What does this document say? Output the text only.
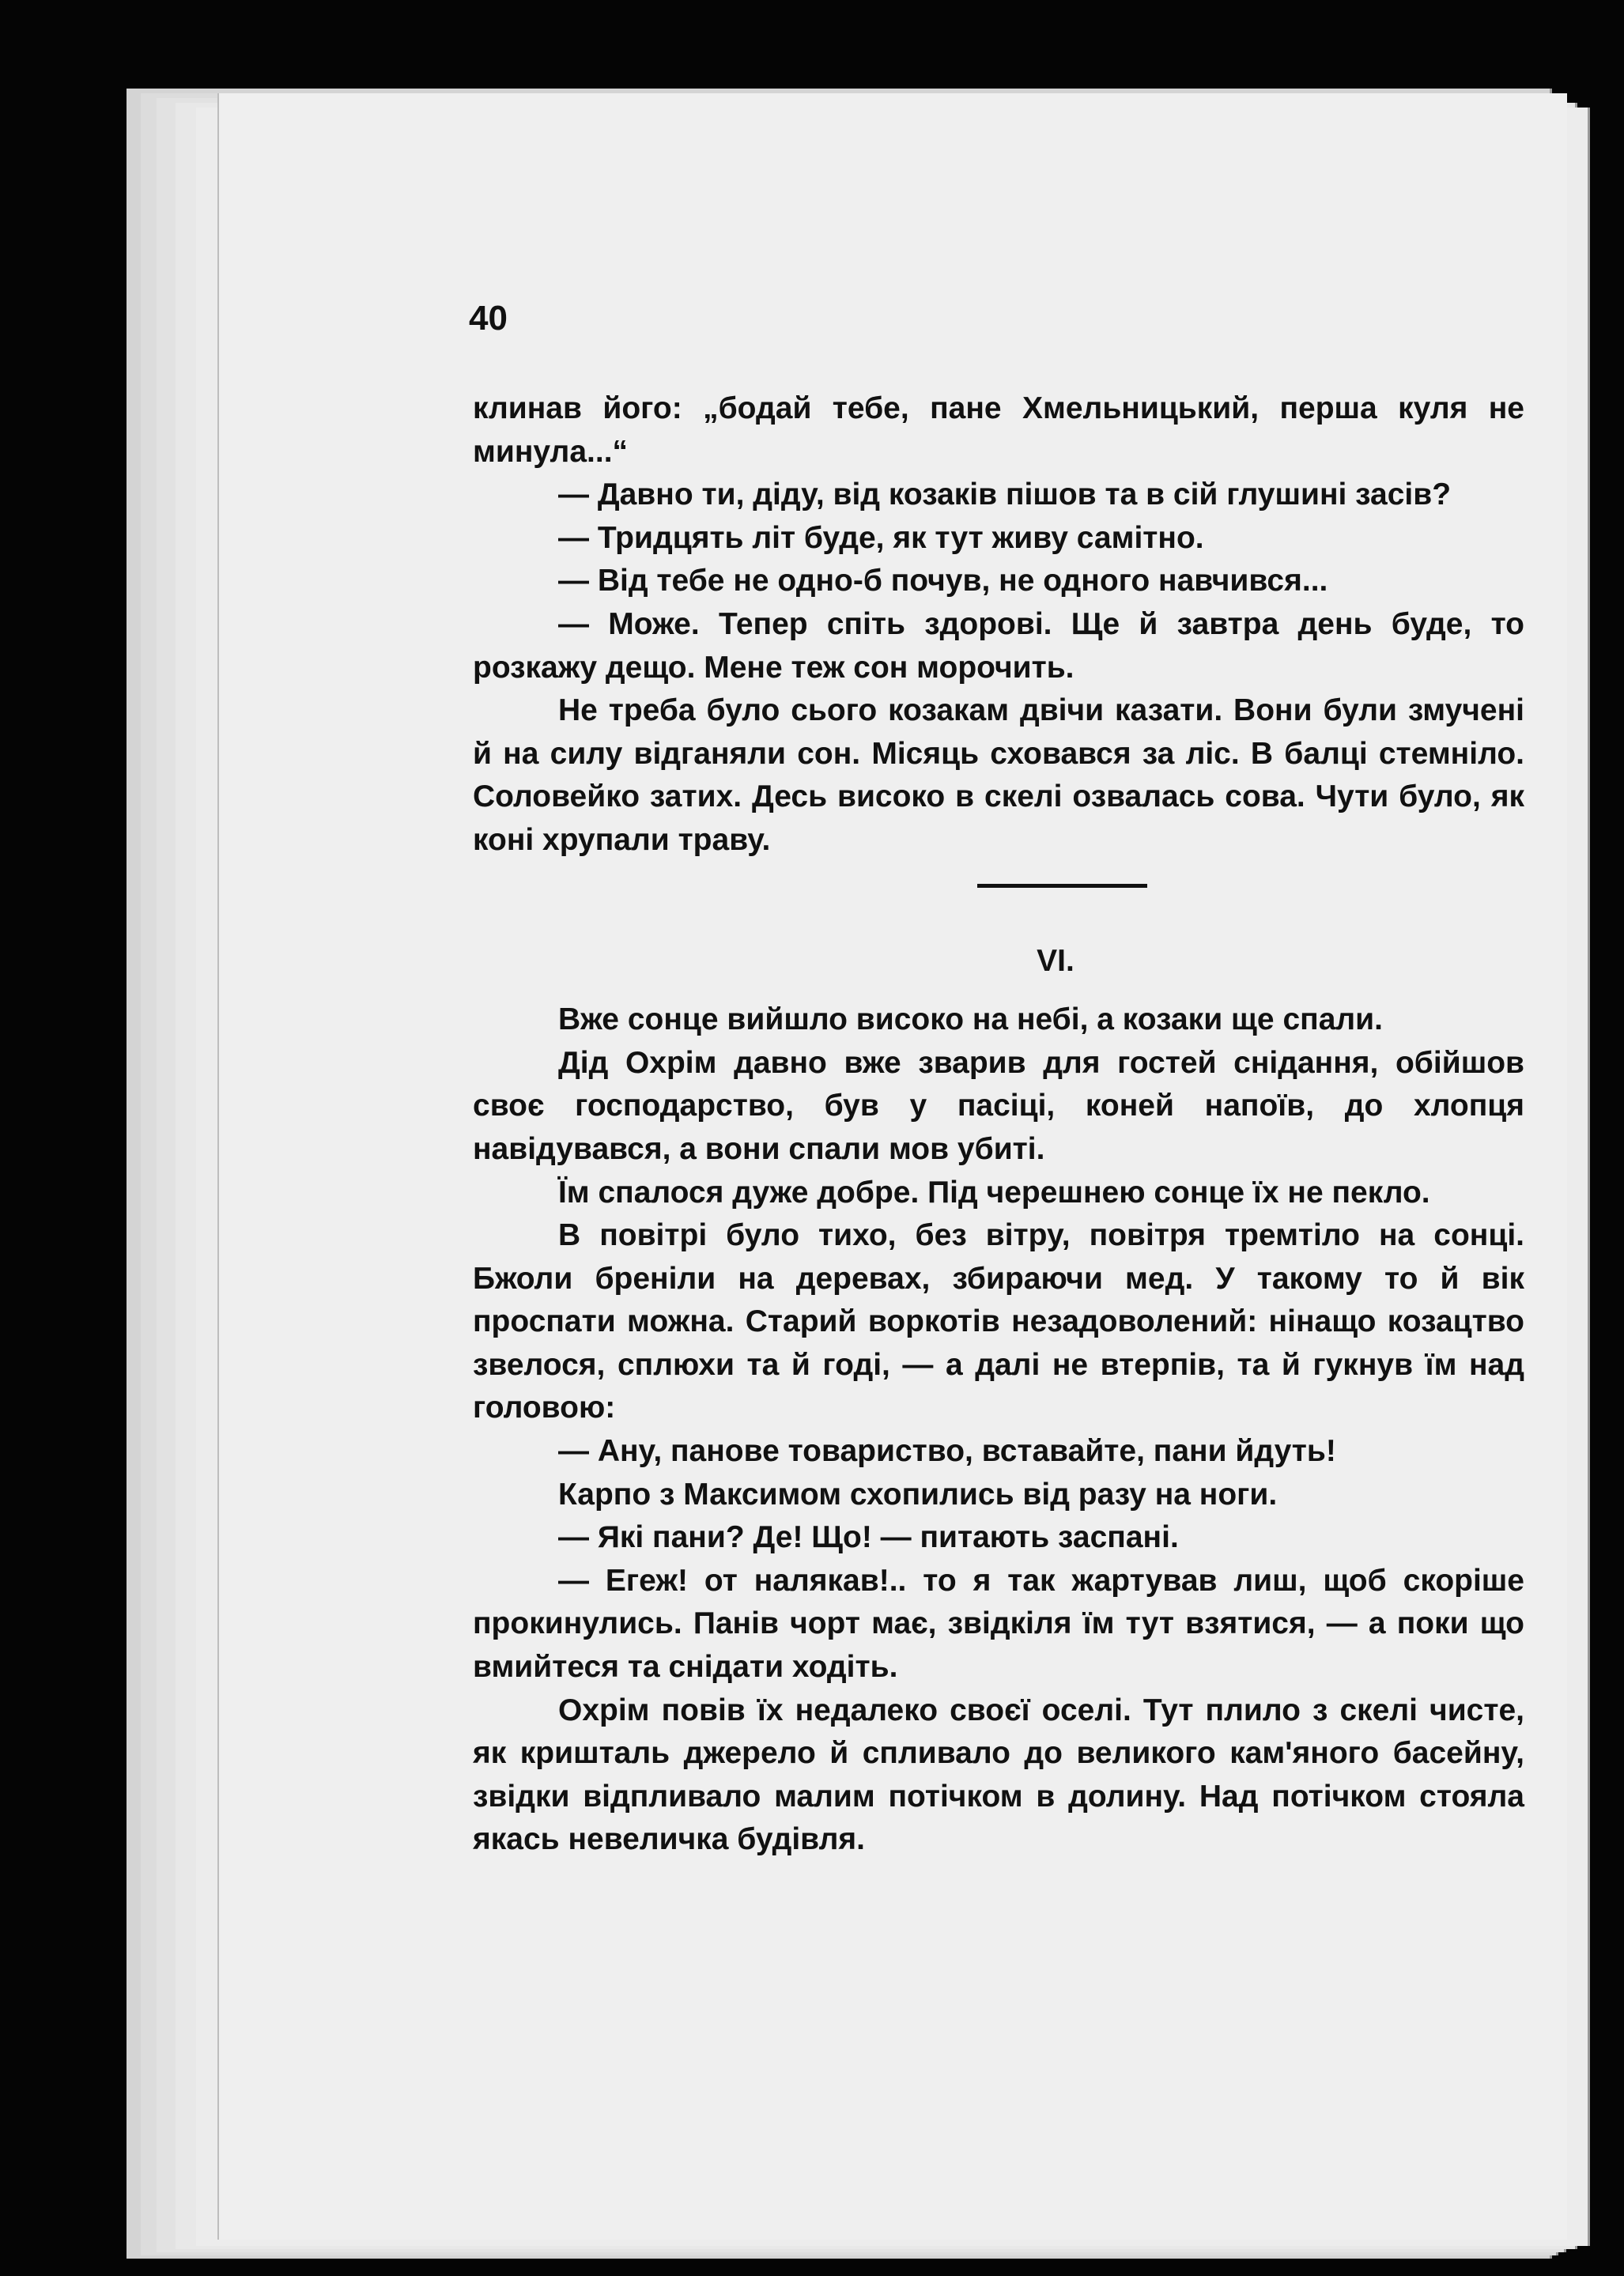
40

клинав його: „бодай тебе, пане Хмельницький, перша куля не минула...“

— Давно ти, діду, від козаків пішов та в сій глушині засів?

— Тридцять літ буде, як тут живу самітно.

— Від тебе не одно-б почув, не одного навчився...

— Може. Тепер спіть здорові. Ще й завтра день буде, то розкажу дещо. Мене теж сон морочить.

Не треба було сього козакам двічи казати. Вони були змучені й на силу відганяли сон. Місяць сховався за ліс. В балці стемніло. Соловейко затих. Десь високо в скелі озвалась сова. Чути було, як коні хрупали траву.

VI.

Вже сонце вийшло високо на небі, а козаки ще спали.

Дід Охрім давно вже зварив для гостей снідання, обійшов своє господарство, був у пасіці, коней напоїв, до хлопця навідувався, а вони спали мов убиті.

Їм спалося дуже добре. Під черешнею сонце їх не пекло.

В повітрі було тихо, без вітру, повітря тремтіло на сонці. Бжоли бреніли на деревах, збираючи мед. У такому то й вік проспати можна. Старий воркотів незадоволений: нінащо козацтво звелося, сплюхи та й годі, — а далі не втерпів, та й гукнув їм над головою:

— Ану, панове товариство, вставайте, пани йдуть!

Карпо з Максимом схопились від разу на ноги.

— Які пани? Де! Що! — питають заспані.

— Егеж! от налякав!.. то я так жартував лиш, щоб скоріше прокинулись. Панів чорт має, звідкіля їм тут взятися, — а поки що вмийтеся та снідати ходіть.

Охрім повів їх недалеко своєї оселі. Тут плило з скелі чисте, як кришталь джерело й спливало до великого кам'яного басейну, звідки відпливало малим потічком в долину. Над потічком стояла якась невеличка будівля.
